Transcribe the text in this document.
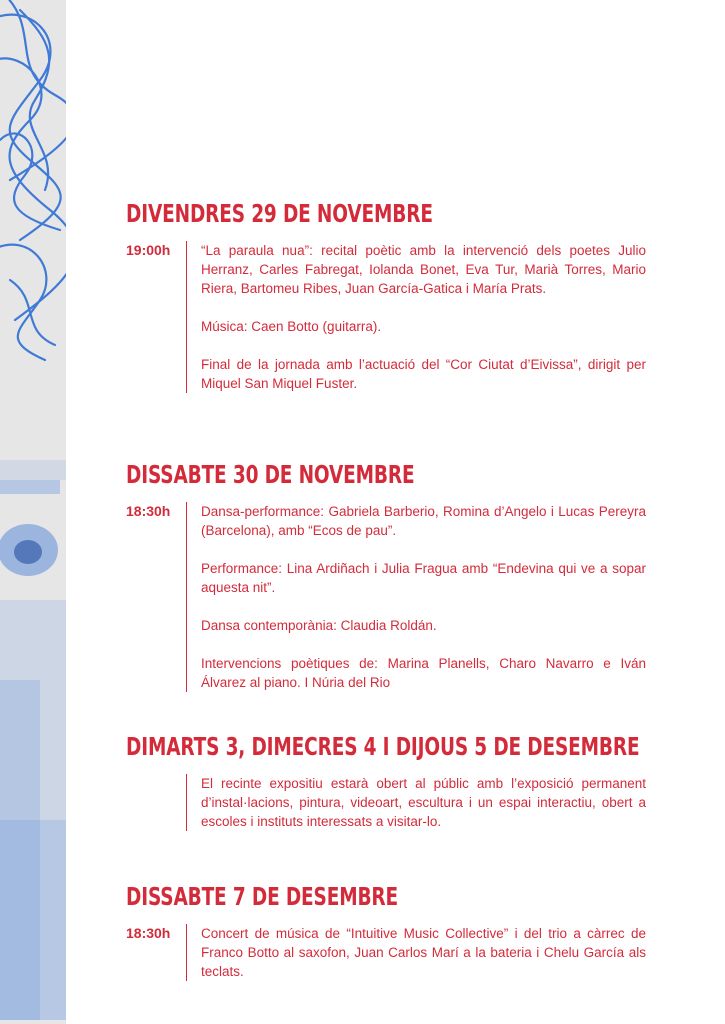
DIVENDRES 29 DE NOVEMBRE
19:00h	“La paraula nua”: recital poètic amb la intervenció dels poetes Julio Herranz, Carles Fabregat, Iolanda Bonet, Eva Tur, Marià Torres, Mario Riera, Bartomeu Ribes, Juan García-Gatica i María Prats.

Música: Caen Botto (guitarra).

Final de la jornada amb l’actuació del “Cor Ciutat d’Eivissa”, dirigit per Miquel San Miquel Fuster.

DISSABTE 30 DE NOVEMBRE
18:30h	Dansa-performance: Gabriela Barberio, Romina d’Angelo i Lucas Pereyra (Barcelona), amb “Ecos de pau”.

Performance: Lina Ardiñach i Julia Fragua amb “Endevina qui ve a sopar aquesta nit”.

Dansa contemporània: Claudia Roldán.

Intervencions poètiques de: Marina Planells, Charo Navarro e Iván Álvarez al piano. I Núria del Rio

DIMARTS 3, DIMECRES 4 I DIJOUS 5 DE DESEMBRE

El recinte expositiu estarà obert al públic amb l’exposició permanent d’instal·lacions, pintura, videoart, escultura i un espai interactiu, obert a escoles i instituts interessats a visitar-lo.

DISSABTE 7 DE DESEMBRE
18:30h	Concert de música de “Intuitive Music Collective” i del trio a càrrec de Franco Botto al saxofon, Juan Carlos Marí a la bateria i Chelu García als teclats.
